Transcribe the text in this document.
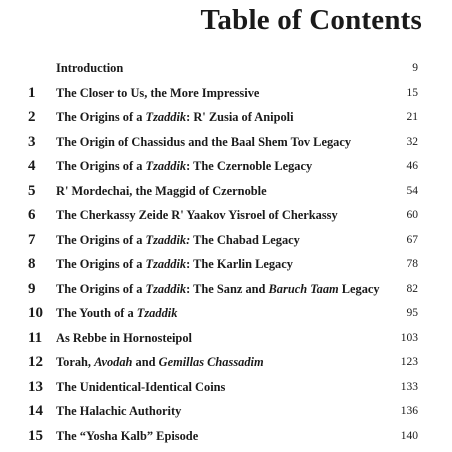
Table of Contents
Introduction	9
1	The Closer to Us, the More Impressive	15
2	The Origins of a Tzaddik: R' Zusia of Anipoli	21
3	The Origin of Chassidus and the Baal Shem Tov Legacy	32
4	The Origins of a Tzaddik: The Czernoble Legacy	46
5	R' Mordechai, the Maggid of Czernoble	54
6	The Cherkassy Zeide R' Yaakov Yisroel of Cherkassy	60
7	The Origins of a Tzaddik: The Chabad Legacy	67
8	The Origins of a Tzaddik: The Karlin Legacy	78
9	The Origins of a Tzaddik: The Sanz and Baruch Taam Legacy 82
10	The Youth of a Tzaddik	95
11	As Rebbe in Hornosteipol	103
12	Torah, Avodah and Gemillas Chassadim	123
13	The Unidentical-Identical Coins	133
14	The Halachic Authority	136
15	The “Yosha Kalb” Episode	140
